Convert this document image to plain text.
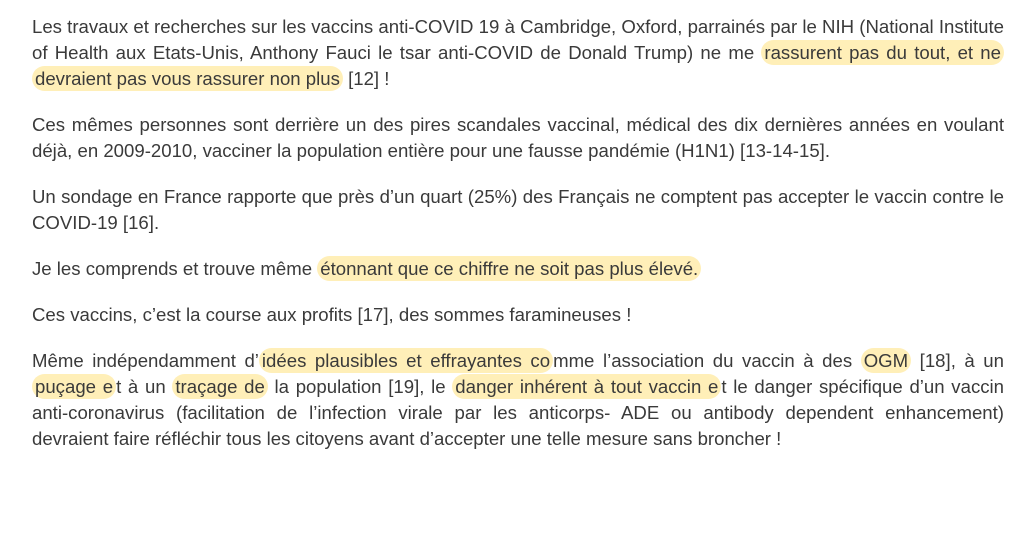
Les travaux et recherches sur les vaccins anti-COVID 19 à Cambridge, Oxford, parrainés par le NIH (National Institute of Health aux Etats-Unis, Anthony Fauci le tsar anti-COVID de Donald Trump) ne me rassurent pas du tout, et ne devraient pas vous rassurer non plus [12] !

Ces mêmes personnes sont derrière un des pires scandales vaccinal, médical des dix dernières années en voulant déjà, en 2009-2010, vacciner la population entière pour une fausse pandémie (H1N1) [13-14-15].

Un sondage en France rapporte que près d’un quart (25%) des Français ne comptent pas accepter le vaccin contre le COVID-19 [16].

Je les comprends et trouve même étonnant que ce chiffre ne soit pas plus élevé.

Ces vaccins, c’est la course aux profits [17], des sommes faramineuses !

Même indépendamment d’ idées plausibles et effrayantes co mme l’association du vaccin à des OGM [18], à un puçage e t à un traçage de la population [19], le danger inhérent à tout vaccin e t le danger spécifique d’un vaccin anti-coronavirus (facilitation de l’infection virale par les anticorps- ADE ou antibody dependent enhancement) devraient faire réfléchir tous les citoyens avant d’accepter une telle mesure sans broncher !
